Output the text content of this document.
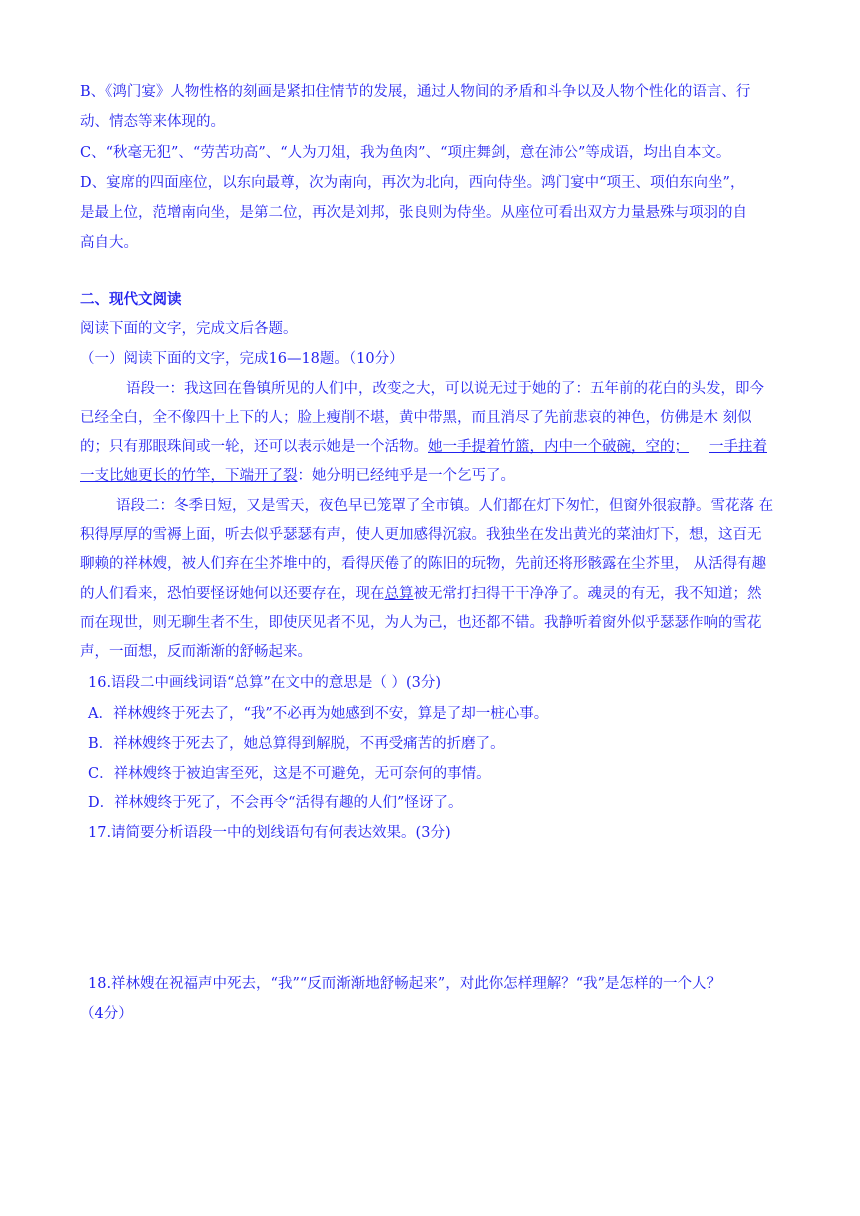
B、《鸿门宴》人物性格的刻画是紧扣住情节的发展，通过人物间的矛盾和斗争以及人物个性化的语言、行
动、情态等来体现的。
C、“秋毫无犯”、“劳苦功高”、“人为刀俎，我为鱼肉”、“项庄舞剑，意在沛公”等成语，均出自本文。
D、宴席的四面座位，以东向最尊，次为南向，再次为北向，西向侍坐。鸿门宴中“项王、项伯东向坐”，
是最上位，范增南向坐，是第二位，再次是刘邦，张良则为侍坐。从座位可看出双方力量悬殊与项羽的自
高自大。
二、现代文阅读
阅读下面的文字，完成文后各题。
（一）阅读下面的文字，完成16—18题。（10分）
语段一：我这回在鲁镇所见的人们中，改变之大，可以说无过于她的了：五年前的花白的头发，即今
已经全白，全不像四十上下的人；脸上瘦削不堪，黄中带黑，而且消尽了先前悲哀的神色，仿佛是木 刻似
的；只有那眼珠间或一轮，还可以表示她是一个活物。她一手提着竹篮，内中一个破碗，空的； 一手拄着
一支比她更长的竹竿，下端开了裂：她分明已经纯乎是一个乞丐了。
语段二：冬季日短，又是雪天，夜色早已笼罩了全市镇。人们都在灯下匆忙，但窗外很寂静。雪花落 在
积得厚厚的雪褥上面，听去似乎瑟瑟有声，使人更加感得沉寂。我独坐在发出黄光的菜油灯下，想，这百无
聊赖的祥林嫂，被人们弃在尘芥堆中的，看得厌倦了的陈旧的玩物，先前还将形骸露在尘芥里， 从活得有趣
的人们看来，恐怕要怪讶她何以还要存在，现在总算被无常打扫得干干净净了。魂灵的有无，我不知道；然
而在现世，则无聊生者不生，即使厌见者不见，为人为己，也还都不错。我静听着窗外似乎瑟瑟作响的雪花
声，一面想，反而渐渐的舒畅起来。
16.语段二中画线词语“总算”在文中的意思是（ ）(3分)
A．祥林嫂终于死去了，“我”不必再为她感到不安，算是了却一桩心事。
B．祥林嫂终于死去了，她总算得到解脱，不再受痛苦的折磨了。
C．祥林嫂终于被迫害至死，这是不可避免，无可奈何的事情。
D．祥林嫂终于死了，不会再令“活得有趣的人们”怪讶了。
17.请简要分析语段一中的划线语句有何表达效果。(3分)
18.祥林嫂在祝福声中死去，“我”“反而渐渐地舒畅起来”，对此你怎样理解？“我”是怎样的一个人？
（4分）
